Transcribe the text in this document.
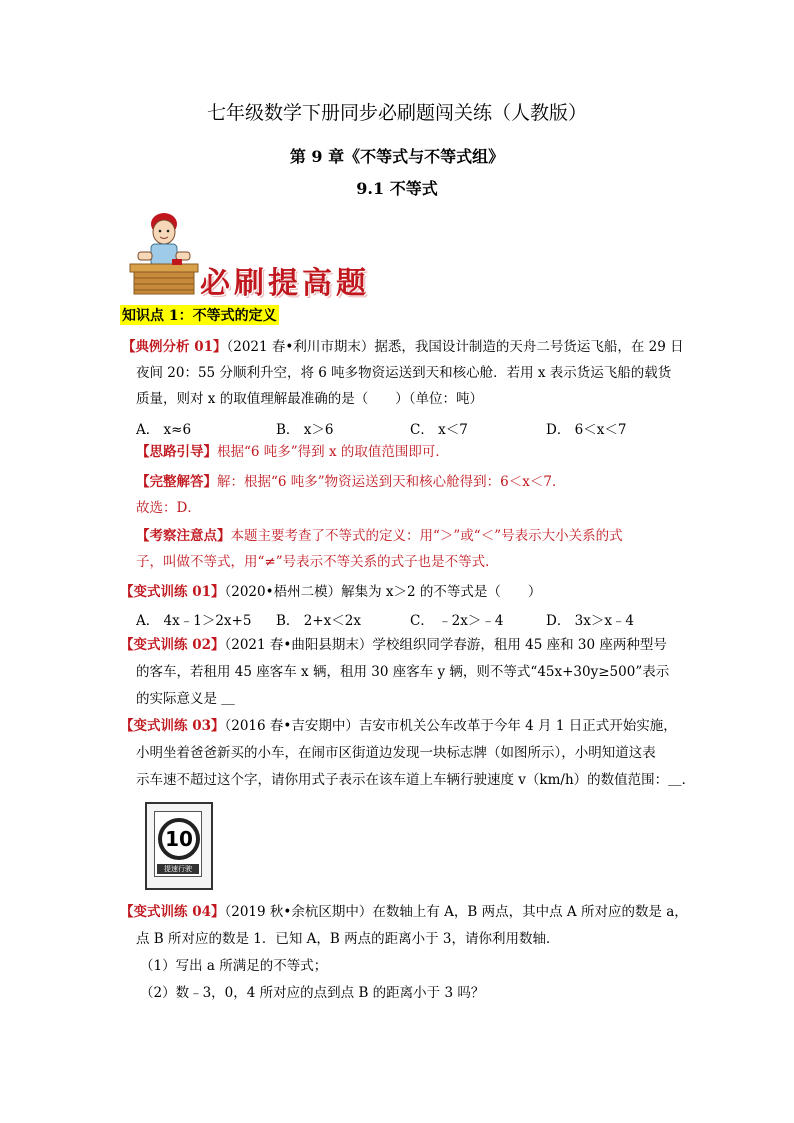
七年级数学下册同步必刷题闯关练（人教版）
第 9 章《不等式与不等式组》
9.1 不等式
必刷提高题
知识点 1：不等式的定义
【典例分析 01】（2021 春•利川市期末）据悉，我国设计制造的天舟二号货运飞船，在 29 日
夜间 20：55 分顺利升空，将 6 吨多物资运送到天和核心舱．若用 x 表示货运飞船的载货
质量，则对 x 的取值理解最准确的是（　　）（单位：吨）
A． x≈6	B． x＞6	C． x＜7	D． 6＜x＜7
【思路引导】根据“6 吨多”得到 x 的取值范围即可．
【完整解答】解：根据“6 吨多”物资运送到天和核心舱得到：6＜x＜7．
故选：D．
【考察注意点】本题主要考查了不等式的定义：用“＞”或“＜”号表示大小关系的式
子，叫做不等式，用“≠”号表示不等关系的式子也是不等式．
【变式训练 01】（2020•梧州二模）解集为 x＞2 的不等式是（　　）
A． 4x﹣1＞2x+5 B． 2+x＜2x	C． ﹣2x＞﹣4	D． 3x＞x﹣4
【变式训练 02】（2021 春•曲阳县期末）学校组织同学春游，租用 45 座和 30 座两种型号
的客车，若租用 45 座客车 x 辆，租用 30 座客车 y 辆，则不等式“45x+30y≥500”表示
的实际意义是 ＿
【变式训练 03】（2016 春•吉安期中）吉安市机关公车改革于今年 4 月 1 日正式开始实施，
小明坐着爸爸新买的小车，在闹市区街道边发现一块标志牌（如图所示），小明知道这表
示车速不超过这个字，请你用式子表示在该车道上车辆行驶速度 v（km/h）的数值范围：＿．
10
提速行驶
【变式训练 04】（2019 秋•余杭区期中）在数轴上有 A，B 两点，其中点 A 所对应的数是 a，
点 B 所对应的数是 1．已知 A，B 两点的距离小于 3，请你利用数轴．
（1）写出 a 所满足的不等式；
（2）数﹣3，0，4 所对应的点到点 B 的距离小于 3 吗？
